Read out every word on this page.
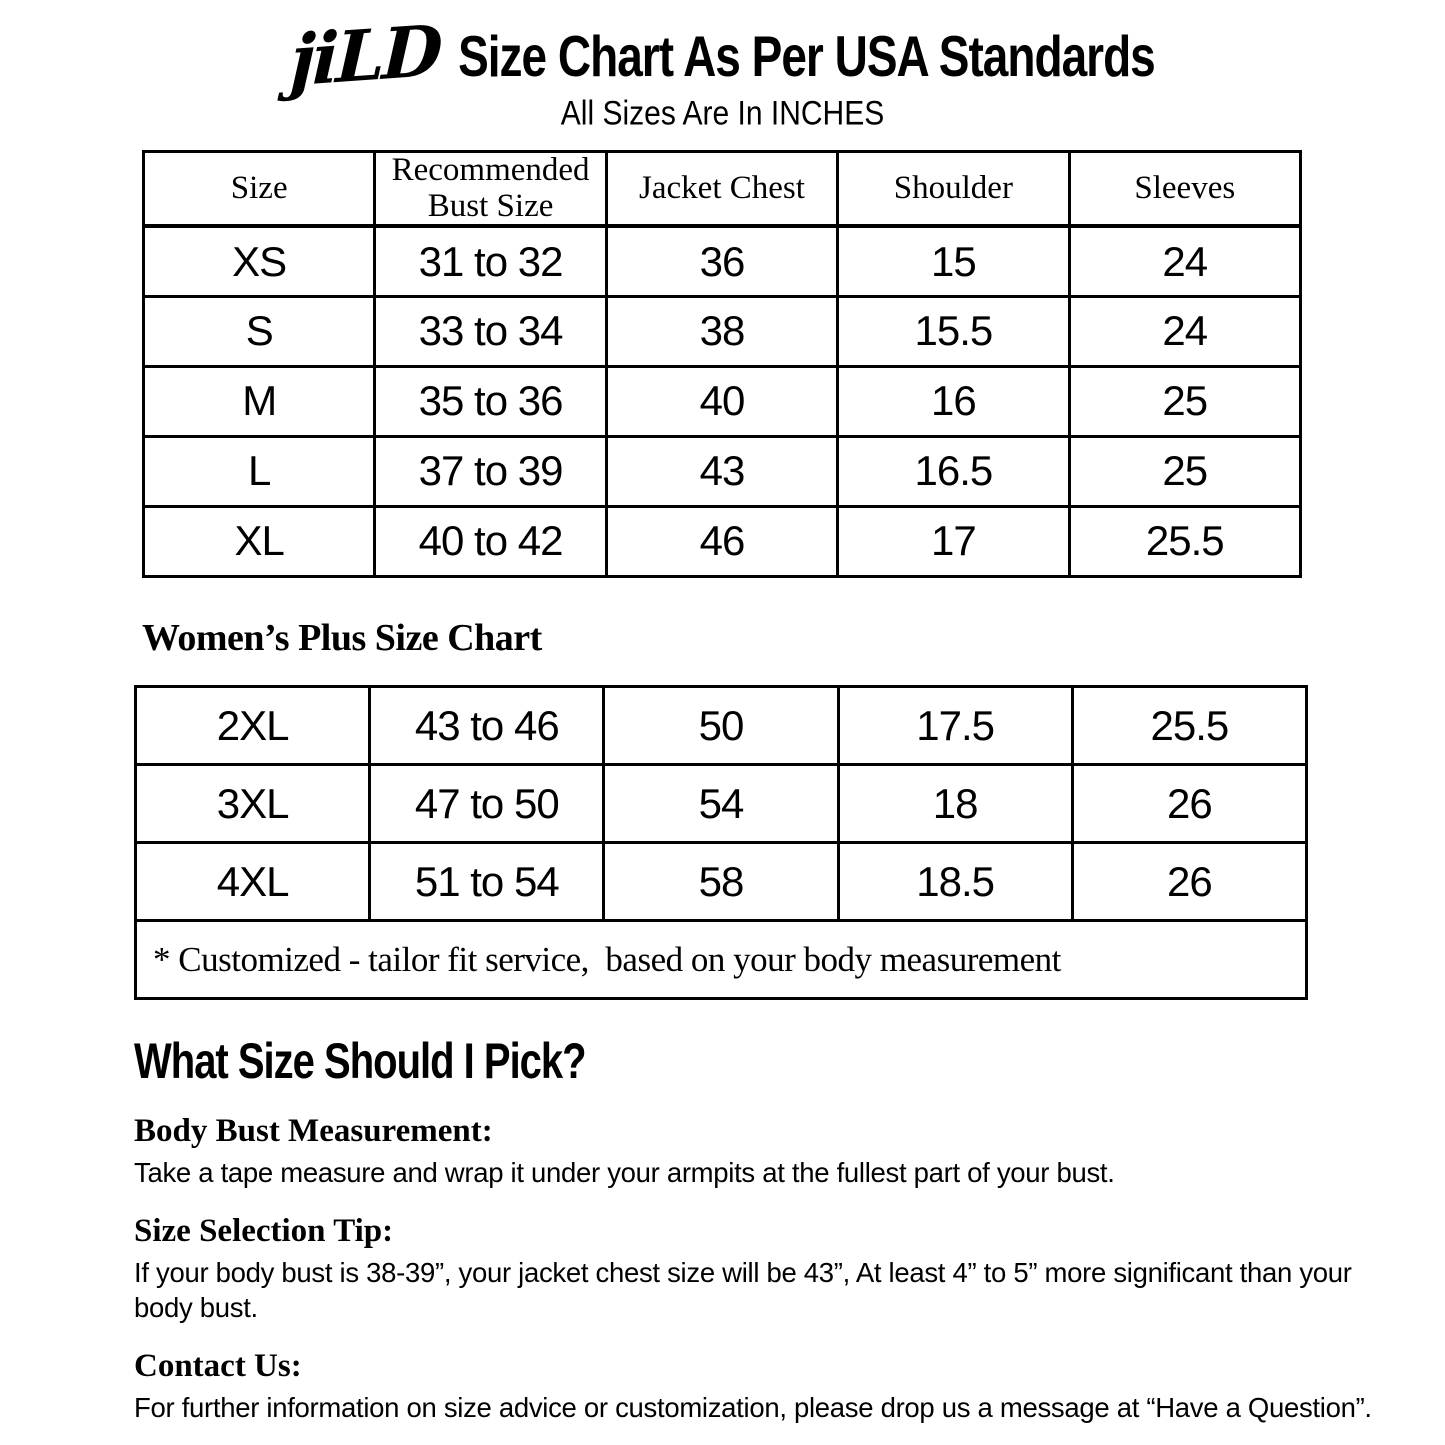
jiLD Size Chart As Per USA Standards
All Sizes Are In INCHES
Size	Recommended Bust Size	Jacket Chest	Shoulder	Sleeves
XS	31 to 32	36	15	24
S	33 to 34	38	15.5	24
M	35 to 36	40	16	25
L	37 to 39	43	16.5	25
XL	40 to 42	46	17	25.5
Women’s Plus Size Chart
2XL	43 to 46	50	17.5	25.5
3XL	47 to 50	54	18	26
4XL	51 to 54	58	18.5	26
* Customized - tailor fit service,  based on your body measurement				
What Size Should I Pick?
Body Bust Measurement:

Take a tape measure and wrap it under your armpits at the fullest part of your bust.

Size Selection Tip:

If your body bust is 38-39”, your jacket chest size will be 43”, At least 4” to 5” more significant than your

body bust.

Contact Us:

For further information on size advice or customization, please drop us a message at “Have a Question”.
